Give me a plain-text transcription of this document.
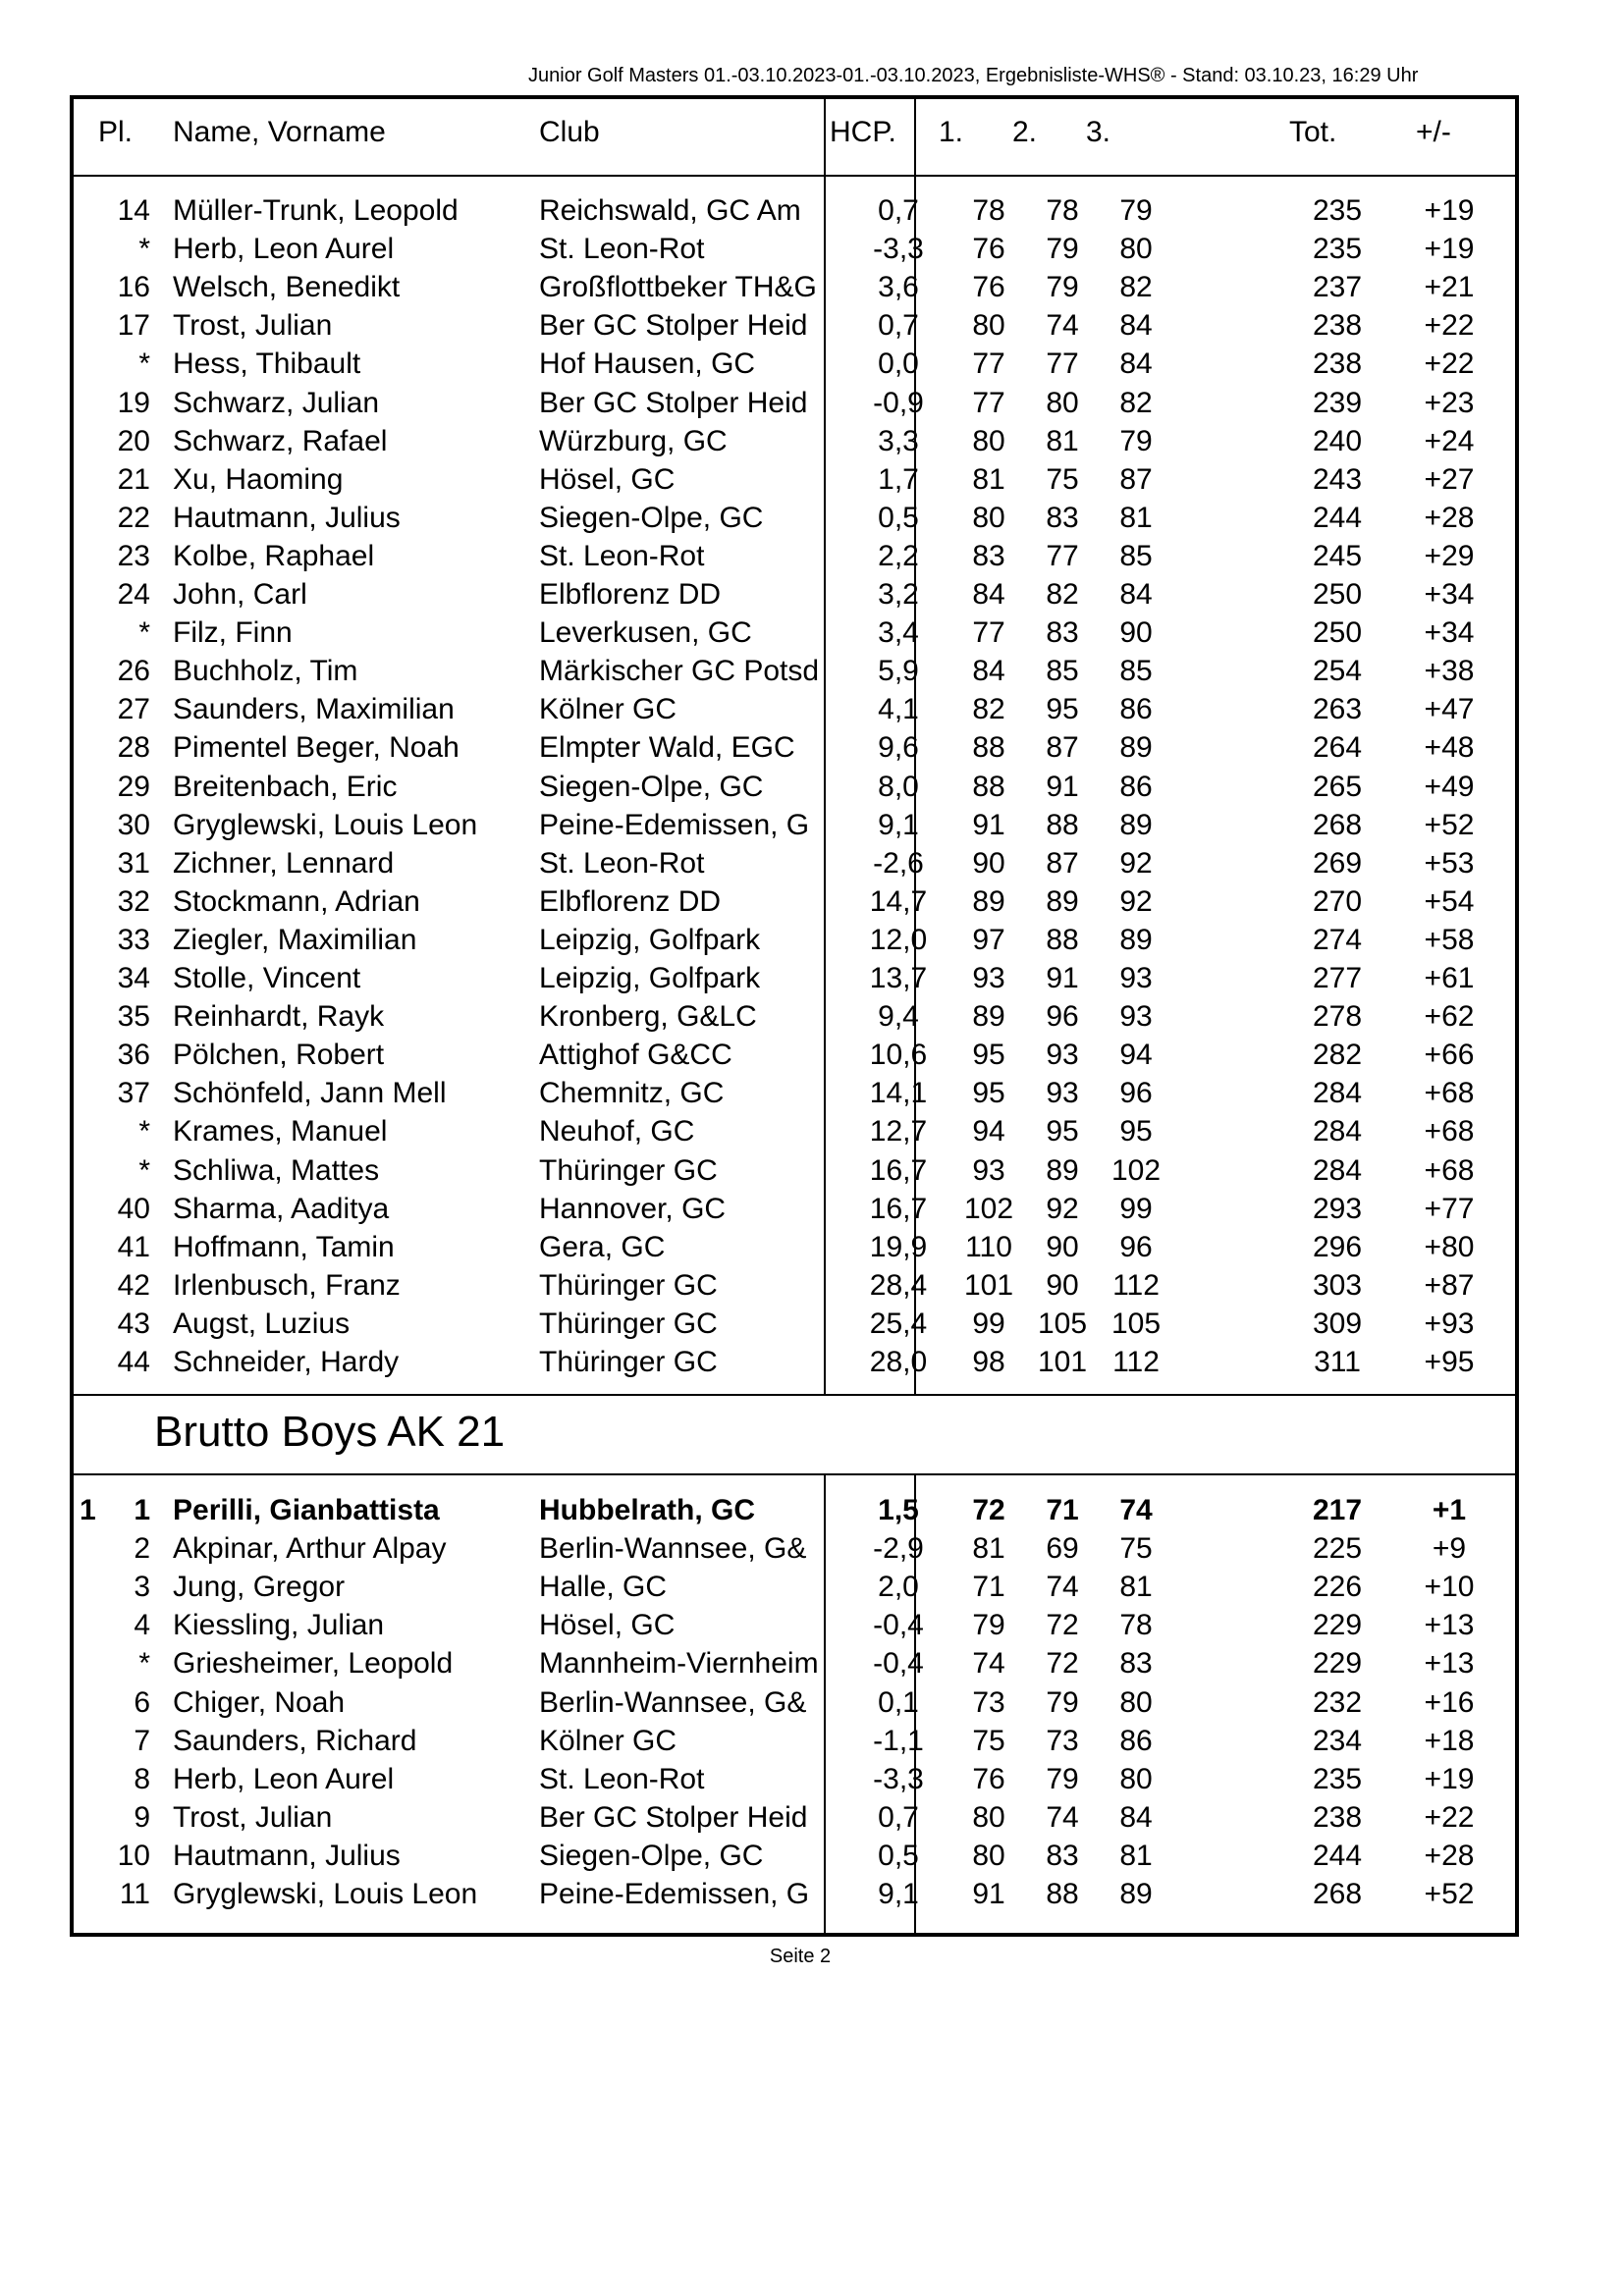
Junior Golf Masters 01.-03.10.2023-01.-03.10.2023, Ergebnisliste-WHS® - Stand: 03.10.23, 16:29 Uhr
Pl. Name, Vorname	Club	HCP. 1. 2. 3.	Tot.	+/-
14 Müller-Trunk, Leopold	Reichswald, GC Am	0,7	78	78	79	235	+19
* Herb, Leon Aurel	St. Leon-Rot	-3,3	76	79	80	235	+19
16 Welsch, Benedikt	Großflottbeker TH&G	3,6	76	79	82	237	+21
17 Trost, Julian	Ber GC Stolper Heid	0,7	80	74	84	238	+22
* Hess, Thibault	Hof Hausen, GC	0,0	77	77	84	238	+22
19 Schwarz, Julian	Ber GC Stolper Heid	-0,9	77	80	82	239	+23
20 Schwarz, Rafael	Würzburg, GC	3,3	80	81	79	240	+24
21 Xu, Haoming	Hösel, GC	1,7	81	75	87	243	+27
22 Hautmann, Julius	Siegen-Olpe, GC	0,5	80	83	81	244	+28
23 Kolbe, Raphael	St. Leon-Rot	2,2	83	77	85	245	+29
24 John, Carl	Elbflorenz DD	3,2	84	82	84	250	+34
* Filz, Finn	Leverkusen, GC	3,4	77	83	90	250	+34
26 Buchholz, Tim	Märkischer GC Potsd	5,9	84	85	85	254	+38
27 Saunders, Maximilian	Kölner GC	4,1	82	95	86	263	+47
28 Pimentel Beger, Noah	Elmpter Wald, EGC	9,6	88	87	89	264	+48
29 Breitenbach, Eric	Siegen-Olpe, GC	8,0	88	91	86	265	+49
30 Gryglewski, Louis Leon	Peine-Edemissen, G	9,1	91	88	89	268	+52
31 Zichner, Lennard	St. Leon-Rot	-2,6	90	87	92	269	+53
32 Stockmann, Adrian	Elbflorenz DD	14,7	89	89	92	270	+54
33 Ziegler, Maximilian	Leipzig, Golfpark	12,0	97	88	89	274	+58
34 Stolle, Vincent	Leipzig, Golfpark	13,7	93	91	93	277	+61
35 Reinhardt, Rayk	Kronberg, G&LC	9,4	89	96	93	278	+62
36 Pölchen, Robert	Attighof G&CC	10,6	95	93	94	282	+66
37 Schönfeld, Jann Mell	Chemnitz, GC	14,1	95	93	96	284	+68
* Krames, Manuel	Neuhof, GC	12,7	94	95	95	284	+68
* Schliwa, Mattes	Thüringer GC	16,7	93	89	102	284	+68
40 Sharma, Aaditya	Hannover, GC	16,7	102	92	99	293	+77
41 Hoffmann, Tamin	Gera, GC	19,9	110	90	96	296	+80
42 Irlenbusch, Franz	Thüringer GC	28,4	101	90	112	303	+87
43 Augst, Luzius	Thüringer GC	25,4	99	105 105	309	+93
44 Schneider, Hardy	Thüringer GC	28,0	98	101 112	311	+95
Brutto Boys AK 21
1	1 Perilli, Gianbattista	Hubbelrath, GC	1,5	72	71	74	217	+1
2 Akpinar, Arthur Alpay	Berlin-Wannsee, G&	-2,9	81	69	75	225	+9
3 Jung, Gregor	Halle, GC	2,0	71	74	81	226	+10
4 Kiessling, Julian	Hösel, GC	-0,4	79	72	78	229	+13
* Griesheimer, Leopold	Mannheim-Viernheim	-0,4	74	72	83	229	+13
6 Chiger, Noah	Berlin-Wannsee, G&	0,1	73	79	80	232	+16
7 Saunders, Richard	Kölner GC	-1,1	75	73	86	234	+18
8 Herb, Leon Aurel	St. Leon-Rot	-3,3	76	79	80	235	+19
9 Trost, Julian	Ber GC Stolper Heid	0,7	80	74	84	238	+22
10 Hautmann, Julius	Siegen-Olpe, GC	0,5	80	83	81	244	+28
11 Gryglewski, Louis Leon	Peine-Edemissen, G	9,1	91	88	89	268	+52
Seite 2
